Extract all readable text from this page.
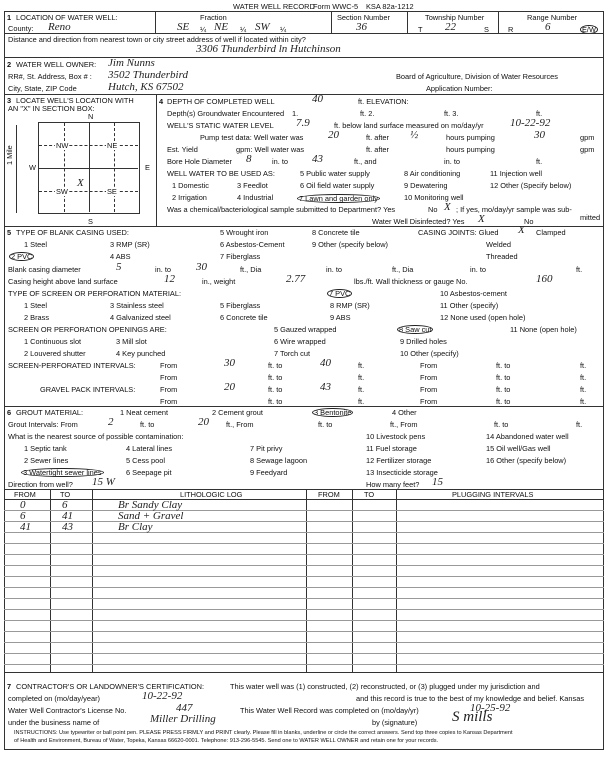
WATER WELL RECORD
Form WWC-5 KSA 82a-1212
1 LOCATION OF WATER WELL:
County: Reno
Fraction
SE ¼ NE ¼ SW ¼
Section Number
36
Township Number
T 22	S
Range Number
R	6	E/W
Distance and direction from nearest town or city street address of well if located within city?
3306 Thunderbird ln Hutchinson
2 WATER WELL OWNER: Jim Nunns
RR#, St. Address, Box # : 3502 Thunderbird
City, State, ZIP Code	Hutch, KS 67502
Board of Agriculture, Division of Water Resources
Application Number:
3 LOCATE WELL'S LOCATION WITH
AN "X" IN SECTION BOX:
N
S
W	E
1 Mile	NW	NE
SW	SE
X
4 DEPTH OF COMPLETED WELL	40	ft. ELEVATION:
Depth(s) Groundwater Encountered 1.	ft. 2.	ft. 3.	ft.
WELL'S STATIC WATER LEVEL 7.9	ft. below land surface measured on mo/day/yr 10-22-92
Pump test data: Well water was 20	ft. after ½	hours pumping	30	gpm
Est. Yield	gpm: Well water was	ft. after	hours pumping	gpm
Bore Hole Diameter 8	in. to 43	ft., and	in. to	ft.
WELL WATER TO BE USED AS:
1 Domestic
2 Irrigation
3 Feedlot
4 Industrial
5 Public water supply
6 Oil field water supply
7 Lawn and garden only
8 Air conditioning
9 Dewatering
10 Monitoring well
11 Injection well
12 Other (Specify below)
Was a chemical/bacteriological sample submitted to Department? Yes	No X ; If yes, mo/day/yr sample was sub-
mitted
Water Well Disinfected? Yes X	No
5 TYPE OF BLANK CASING USED:
1 Steel
2 PVC
3 RMP (SR)
4 ABS
5 Wrought iron
6 Asbestos-Cement
7 Fiberglass
8 Concrete tile
9 Other (specify below)
CASING JOINTS: Glued X Clamped
Welded
Threaded
Blank casing diameter	5	in. to 30	ft., Dia	in. to	ft., Dia	in. to	ft.
Casing height above land surface	12	in., weight	2.77	lbs./ft. Wall thickness or gauge No.	160
TYPE OF SCREEN OR PERFORATION MATERIAL:
1 Steel
2 Brass
3 Stainless steel
4 Galvanized steel
5 Fiberglass
6 Concrete tile
7 PVC
8 RMP (SR)
9 ABS
10 Asbestos-cement
11 Other (specify)
12 None used (open hole)
SCREEN OR PERFORATION OPENINGS ARE:
1 Continuous slot
2 Louvered shutter
3 Mill slot
4 Key punched
5 Gauzed wrapped
6 Wire wrapped
7 Torch cut
8 Saw cut
9 Drilled holes
10 Other (specify)
11 None (open hole)
SCREEN-PERFORATED INTERVALS:	From	30	ft. to	40	ft.	From	ft. to	ft.
From	ft. to	ft.	From	ft. to	ft.
GRAVEL PACK INTERVALS:	From	20	ft. to	43	ft.	From	ft. to	ft.
From	ft. to	ft.	From	ft. to	ft.
6 GROUT MATERIAL:	1 Neat cement	2 Cement grout	3 Bentonite	4 Other
Grout Intervals: From	2	ft. to	20 ft., From	ft. to	ft., From	ft. to	ft.
What is the nearest source of possible contamination:
1 Septic tank
2 Sewer lines
3 Watertight sewer lines
4 Lateral lines
5 Cess pool
6 Seepage pit
7 Pit privy
8 Sewage lagoon
9 Feedyard
10 Livestock pens
11 Fuel storage
12 Fertilizer storage
13 Insecticide storage
14 Abandoned water well
15 Oil well/Gas well
16 Other (specify below)
Direction from well? 15 W	How many feet? 15
FROM	TO	LITHOLOGIC LOG	FROM	TO	PLUGGING INTERVALS
0	6	Br Sandy Clay
6	41	Sand + Gravel
41	43	Br Clay
7 CONTRACTOR'S OR LANDOWNER'S CERTIFICATION:	This water well was (1) constructed, (2) reconstructed, or (3) plugged under my jurisdiction and
completed on (mo/day/year)	10-22-92	and this record is true to the best of my knowledge and belief. Kansas
Water Well Contractor's License No.	447	This Water Well Record was completed on (mo/day/yr)	10-25-92
under the business name of	Miller Drilling	by (signature) S mills
INSTRUCTIONS: Use typewriter or ball point pen. PLEASE PRESS FIRMLY and PRINT clearly. Please fill in blanks, underline or circle the correct answers. Send top three copies to Kansas Department
of Health and Environment, Bureau of Water, Topeka, Kansas 66620-0001. Telephone: 913-296-5545. Send one to WATER WELL OWNER and retain one for your records.
